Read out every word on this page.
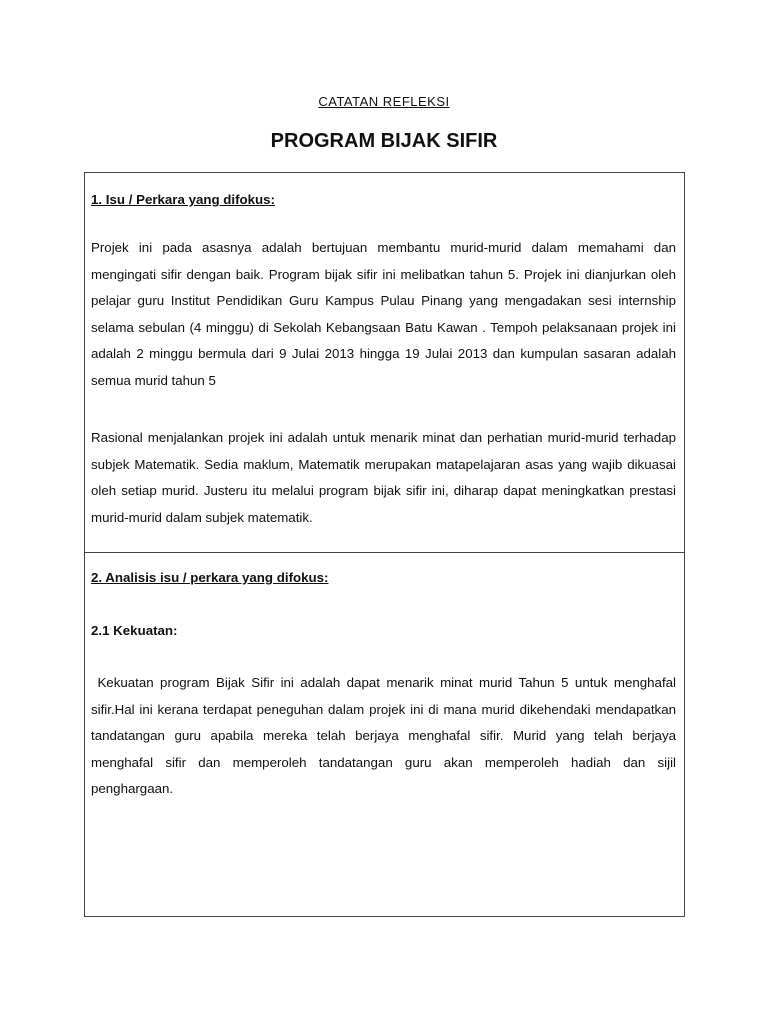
CATATAN REFLEKSI
PROGRAM BIJAK SIFIR

1. Isu / Perkara yang difokus:

Projek ini pada asasnya adalah bertujuan membantu murid-murid dalam memahami dan mengingati sifir dengan baik. Program bijak sifir ini melibatkan tahun 5. Projek ini dianjurkan oleh pelajar guru Institut Pendidikan Guru Kampus Pulau Pinang yang mengadakan sesi internship selama sebulan (4 minggu) di Sekolah Kebangsaan Batu Kawan . Tempoh pelaksanaan projek ini adalah 2 minggu bermula dari 9 Julai 2013 hingga 19 Julai 2013 dan kumpulan sasaran adalah semua murid tahun 5

Rasional menjalankan projek ini adalah untuk menarik minat dan perhatian murid-murid terhadap subjek Matematik. Sedia maklum, Matematik merupakan matapelajaran asas yang wajib dikuasai oleh setiap murid. Justeru itu melalui program bijak sifir ini, diharap dapat meningkatkan prestasi murid-murid dalam subjek matematik.

2. Analisis isu / perkara yang difokus:

2.1 Kekuatan:

Kekuatan program Bijak Sifir ini adalah dapat menarik minat murid Tahun 5 untuk menghafal sifir.Hal ini kerana terdapat peneguhan dalam projek ini di mana murid dikehendaki mendapatkan tandatangan guru apabila mereka telah berjaya menghafal sifir. Murid yang telah berjaya menghafal sifir dan memperoleh tandatangan guru akan memperoleh hadiah dan sijil penghargaan.
